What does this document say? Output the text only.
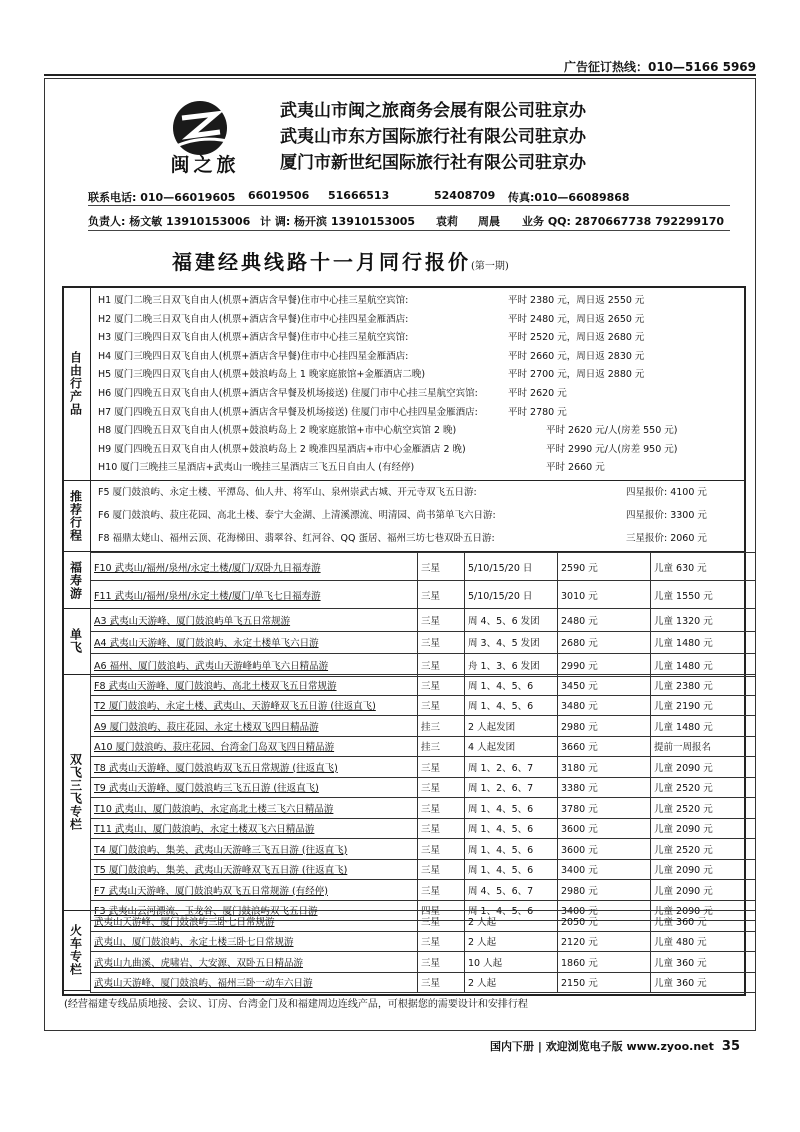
广告征订热线：010—5166 5969
闽之旅
武夷山市闽之旅商务会展有限公司驻京办
武夷山市东方国际旅行社有限公司驻京办
厦门市新世纪国际旅行社有限公司驻京办
联系电话: 010—66019605 66019506 51666513	52408709 传真:010—66089868
负责人: 杨文敏 13910153006 计 调: 杨开滨 13910153005 袁莉 周晨 业务 QQ: 2870667738 792299170
福建经典线路十一月同行报价(第一期)
自由行产品
H1 厦门二晚三日双飞自由人(机票+酒店含早餐)住市中心挂三星航空宾馆:	平时 2380 元，周日返 2550 元
H2 厦门二晚三日双飞自由人(机票+酒店含早餐)住市中心挂四星金雁酒店:	平时 2480 元，周日返 2650 元
H3 厦门三晚四日双飞自由人(机票+酒店含早餐)住市中心挂三星航空宾馆:	平时 2520 元，周日返 2680 元
H4 厦门三晚四日双飞自由人(机票+酒店含早餐)住市中心挂四星金雁酒店:	平时 2660 元，周日返 2830 元
H5 厦门三晚四日双飞自由人(机票+鼓浪屿岛上 1 晚家庭旅馆+金雁酒店二晚)	平时 2700 元，周日返 2880 元
H6 厦门四晚五日双飞自由人(机票+酒店含早餐及机场接送) 住厦门市中心挂三星航空宾馆:	平时 2620 元
H7 厦门四晚五日双飞自由人(机票+酒店含早餐及机场接送) 住厦门市中心挂四星金雁酒店:	平时 2780 元
H8 厦门四晚五日双飞自由人(机票+鼓浪屿岛上 2 晚家庭旅馆+市中心航空宾馆 2 晚)	平时 2620 元/人(房差 550 元)
H9 厦门四晚五日双飞自由人(机票+鼓浪屿岛上 2 晚准四星酒店+市中心金雁酒店 2 晚)	平时 2990 元/人(房差 950 元)
H10 厦门三晚挂三星酒店+武夷山一晚挂三星酒店三飞五日自由人 (有经停)	平时 2660 元
推荐行程 F5 厦门鼓浪屿、永定土楼、平潭岛、仙人井、将军山、泉州崇武古城、开元寺双飞五日游:	四星报价: 4100 元
F6 厦门鼓浪屿、菽庄花园、高北土楼、泰宁大金湖、上清溪漂流、明清园、尚书第单飞六日游:	四星报价: 3300 元
F8 福鼎太姥山、福州云顶、花海梯田、翡翠谷、红河谷、QQ 蛋居、福州三坊七巷双卧五日游:	三星报价: 2060 元
福寿游
单飞
双飞三飞专栏
火车专栏
F10 武夷山/福州/泉州/永定土楼/厦门/双卧九日福寿游	三星	5/10/15/20 日	2590 元	儿童 630 元
F11 武夷山/福州/泉州/永定土楼/厦门/单飞七日福寿游	三星	5/10/15/20 日	3010 元	儿童 1550 元
A3 武夷山天游峰、厦门鼓浪屿单飞五日常规游	三星	周 4、5、6 发团	2480 元	儿童 1320 元
A4 武夷山天游峰、厦门鼓浪屿、永定土楼单飞六日游	三星	周 3、4、5 发团	2680 元	儿童 1480 元
A6 福州、厦门鼓浪屿、武夷山天游峰屿单飞六日精品游	三星	舟 1、3、6 发团	2990 元	儿童 1480 元
F8 武夷山天游峰、厦门鼓浪屿、高北土楼双飞五日常规游	三星	周 1、4、5、6	3450 元	儿童 2380 元
T2 厦门鼓浪屿、永定土楼、武夷山、天游峰双飞五日游 (往返直飞)	三星	周 1、4、5、6	3480 元	儿童 2190 元
A9 厦门鼓浪屿、菽庄花园、永定土楼双飞四日精品游	挂三	2 人起发团	2980 元	儿童 1480 元
A10 厦门鼓浪屿、菽庄花园、台湾金门岛双飞四日精品游	挂三	4 人起发团	3660 元	提前一周报名
T8 武夷山天游峰、厦门鼓浪屿双飞五日常规游 (往返直飞)	三星	周 1、2、6、7	3180 元	儿童 2090 元
T9 武夷山天游峰、厦门鼓浪屿三飞五日游 (往返直飞)	三星	周 1、2、6、7	3380 元	儿童 2520 元
T10 武夷山、厦门鼓浪屿、永定高北土楼三飞六日精品游	三星	周 1、4、5、6	3780 元	儿童 2520 元
T11 武夷山、厦门鼓浪屿、永定土楼双飞六日精品游	三星	周 1、4、5、6	3600 元	儿童 2090 元
T4 厦门鼓浪屿、集美、武夷山天游峰三飞五日游 (往返直飞)	三星	周 1、4、5、6	3600 元	儿童 2520 元
T5 厦门鼓浪屿、集美、武夷山天游峰双飞五日游 (往返直飞)	三星	周 1、4、5、6	3400 元	儿童 2090 元
F7 武夷山天游峰、厦门鼓浪屿双飞五日常规游 (有经停)	三星	周 4、5、6、7	2980 元	儿童 2090 元
F3 武夷山云河漂流、玉龙谷、厦门鼓浪屿双飞五日游	四星	周 1、4、5、6	3400 元	儿童 2090 元
武夷山天游峰、厦门鼓浪屿三卧七日常规游	三星	2 人起	2050 元	儿童 360 元
武夷山、厦门鼓浪屿、永定土楼三卧七日常规游	三星	2 人起	2120 元	儿童 480 元
武夷山九曲溪、虎啸岩、大安源、双卧五日精品游	三星	10 人起	1860 元	儿童 360 元
武夷山天游峰、厦门鼓浪屿、福州三卧一动车六日游	三星	2 人起	2150 元	儿童 360 元
(经营福建专线品质地接、会议、订房、台湾金门及和福建周边连线产品，可根据您的需要设计和安排行程
国内下册 | 欢迎浏览电子版 www.zyoo.net 35
